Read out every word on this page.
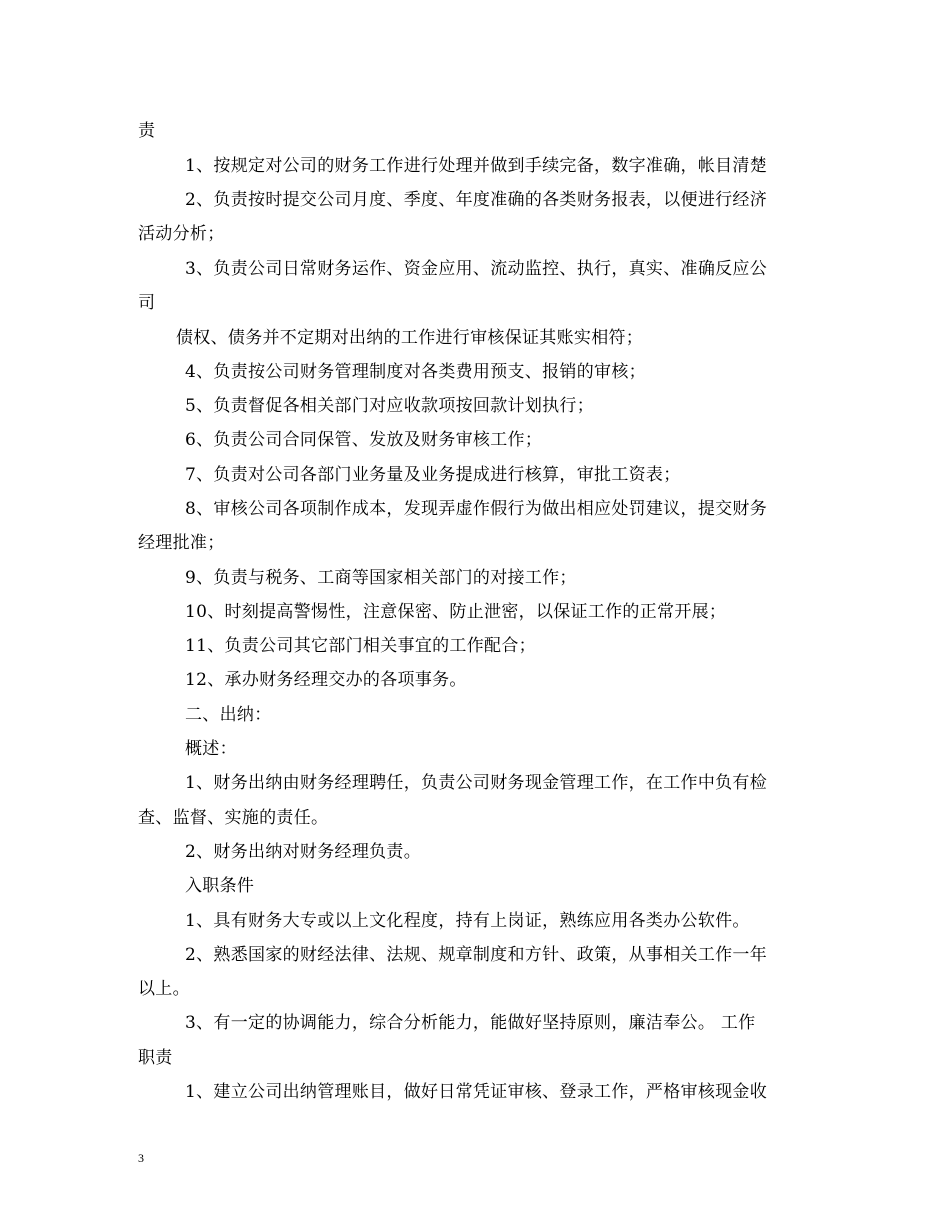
责
1、按规定对公司的财务工作进行处理并做到手续完备，数字准确，帐目清楚
2、负责按时提交公司月度、季度、年度准确的各类财务报表，以便进行经济
活动分析；
3、负责公司日常财务运作、资金应用、流动监控、执行，真实、准确反应公
司
债权、债务并不定期对出纳的工作进行审核保证其账实相符；
4、负责按公司财务管理制度对各类费用预支、报销的审核；
5、负责督促各相关部门对应收款项按回款计划执行；
6、负责公司合同保管、发放及财务审核工作；
7、负责对公司各部门业务量及业务提成进行核算，审批工资表；
8、审核公司各项制作成本，发现弄虚作假行为做出相应处罚建议，提交财务
经理批准；
9、负责与税务、工商等国家相关部门的对接工作；
10、时刻提高警惕性，注意保密、防止泄密，以保证工作的正常开展；
11、负责公司其它部门相关事宜的工作配合；
12、承办财务经理交办的各项事务。
二、出纳：
概述：
1、财务出纳由财务经理聘任，负责公司财务现金管理工作，在工作中负有检
查、监督、实施的责任。
2、财务出纳对财务经理负责。
入职条件
1、具有财务大专或以上文化程度，持有上岗证，熟练应用各类办公软件。
2、熟悉国家的财经法律、法规、规章制度和方针、政策，从事相关工作一年
以上。
3、有一定的协调能力，综合分析能力，能做好坚持原则，廉洁奉公。 工作
职责
1、建立公司出纳管理账目，做好日常凭证审核、登录工作，严格审核现金收
3
